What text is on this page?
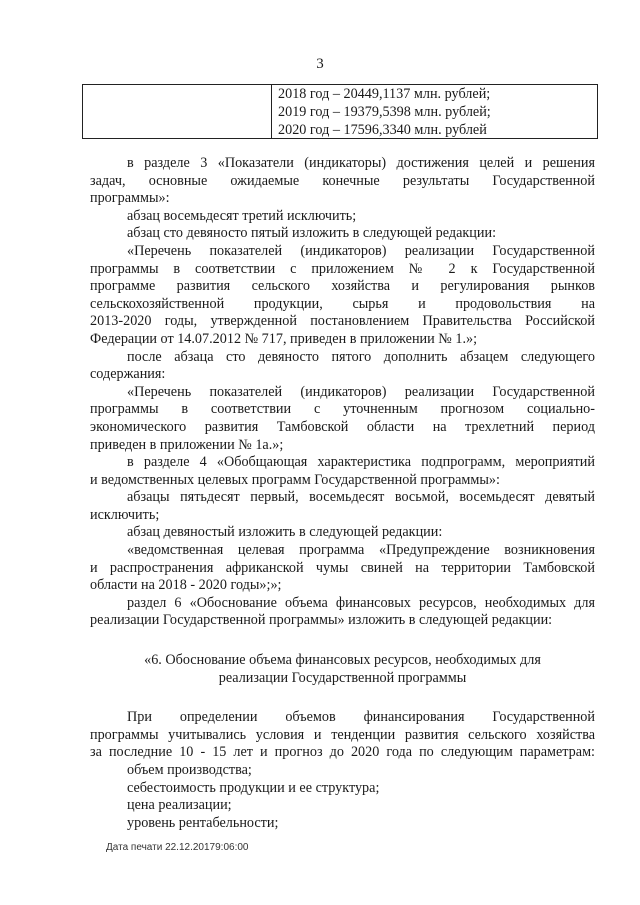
3
2018 год – 20449,1137 млн. рублей;
2019 год – 19379,5398 млн. рублей;
2020 год – 17596,3340 млн. рублей
в разделе 3 «Показатели (индикаторы) достижения целей и решения
задач, основные ожидаемые конечные результаты Государственной
программы»:
абзац восемьдесят третий исключить;
абзац сто девяносто пятый изложить в следующей редакции:
«Перечень показателей (индикаторов) реализации Государственной
программы в соответствии с приложением № 2 к Государственной
программе развития сельского хозяйства и регулирования рынков
сельскохозяйственной продукции, сырья и продовольствия на
2013-2020 годы, утвержденной постановлением Правительства Российской
Федерации от 14.07.2012 № 717, приведен в приложении № 1.»;
после абзаца сто девяносто пятого дополнить абзацем следующего
содержания:
«Перечень показателей (индикаторов) реализации Государственной
программы в соответствии с уточненным прогнозом социально-
экономического развития Тамбовской области на трехлетний период
приведен в приложении № 1а.»;
в разделе 4 «Обобщающая характеристика подпрограмм, мероприятий
и ведомственных целевых программ Государственной программы»:
абзацы пятьдесят первый, восемьдесят восьмой, восемьдесят девятый
исключить;
абзац девяностый изложить в следующей редакции:
«ведомственная целевая программа «Предупреждение возникновения
и распространения африканской чумы свиней на территории Тамбовской
области на 2018 - 2020 годы»;»;
раздел 6 «Обоснование объема финансовых ресурсов, необходимых для
реализации Государственной программы» изложить в следующей редакции:
«6. Обоснование объема финансовых ресурсов, необходимых для
реализации Государственной программы
При определении объемов финансирования Государственной
программы учитывались условия и тенденции развития сельского хозяйства
за последние 10 - 15 лет и прогноз до 2020 года по следующим параметрам:
объем производства;
себестоимость продукции и ее структура;
цена реализации;
уровень рентабельности;
Дата печати 22.12.20179:06:00
